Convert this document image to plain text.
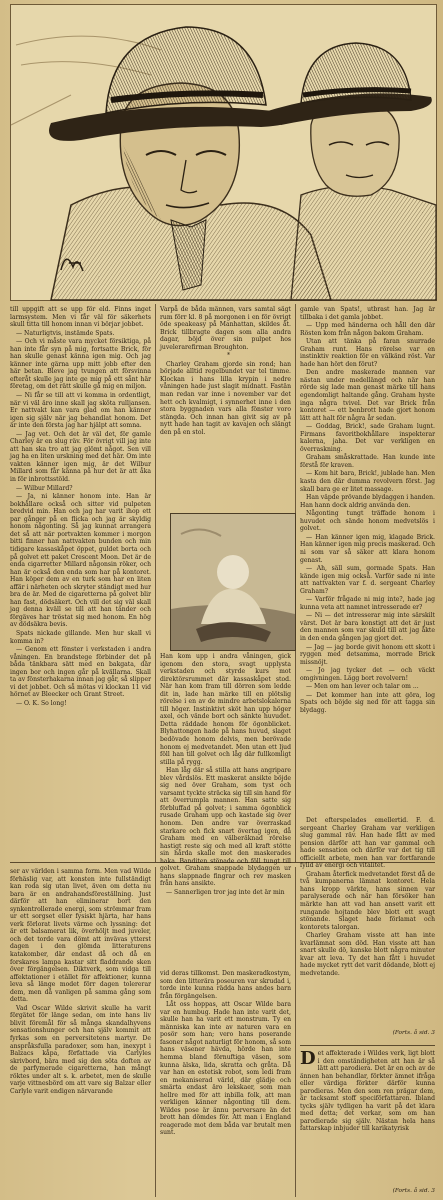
till uppgift att se upp för eld. Finns inget larmsystem. Men vi får väl för säkerhets skull titta till honom innan vi börjar jobbet.

— Naturligtvis, instämde Spats.

— Och vi måste vara mycket försiktiga, på han inte får syn på mig, fortsatte Brick, för han skulle genast känna igen mig. Och jag känner inte gärna upp mitt jobb efter den här betan. Bleve jag tvungen att försvinna efteråt skulle jag inte ge mig på ett sånt här företag, om det rätt skulle gå mig en miljon.

— Ni får se till att vi komma in ordentligt, när vi väl äro inne skall jag sköta rulljansen. Er nattvakt kan vara glad om han känner igen sig själv när jag behandlat honom. Det är inte den första jag har hjälpt att somna.

— Jag vet. Och det är väl det, för gamle Charley är en slug räv. För övrigt vill jag inte att han ska tro att jag glömt något. Sen vill jag ha en liten urskning med det här. Om inte vakten känner igen mig, är det Wilbur Millard som får känna på hur det är att åka in för inbrottsstöld.

— Wilbur Millard?

— Ja, ni känner honom inte. Han är bokhållare också och sitter vid pulpeten bredvid min. Han och jag har varit ihop ett par gånger på en flicka och jag är skyldig honom någonting. Så jag kunnat arrangera det så att när portvakten kommer i morgon bitti finner han nattvakten bunden och min tidigare kassaskåpet öppet, guldet borta och på golvet ett paket Crescent Moon. Det är de enda cigarretter Millard någonsin röker, och han är också den enda som har på kontoret. Han köper dem av en turk som har en liten affär i närheten och skryter ständigt med hur bra de är. Med de cigaretterna på golvet blir han fast, dödsäkert. Och vill det sig väl skall jag denna kväll se till att han tänder och förgäves har tröstat sig med honom. En hög av dödsäkra bevis.

Spats nickade gillande. Men hur skall vi komma in?

— Genom ett fönster i verkstaden i andra våningen. En brandstege förbinder det på båda tänkbara sätt med en bakgata, där ingen bor och ingen går på kvällarna. Skall ta av fönsterhakarna innan jag går, så slipper vi det jobbet. Och så mötas vi klockan 11 vid hörnet av Bleecker och Grant Street.

— O. K. So long!

Varpå de båda männen, vars samtal sägt rum förr kl. 8 på morgonen i en för övrigt öde speakeasy på Manhattan, skildes åt. Brick tillbragte dagen som alla andra dagar, böjd över sin pulpet hos juvelerarefirman Broughton.

*

Charley Graham gjorde sin rond; han började alltid regelbundet var tel timme. Klockan i hans lilla krypin i nedre våningen hade just slagit midnatt. Fastän man redan var inne i november var det hett och kvalmigt, i synnerhet inne i den stora byggnaden vars alla fönster voro stängda. Och innan han givit sig av på nytt hade han tagit av kavajen och slängt den på en stol.

Han kom upp i andra våningen, gick igenom den stora, svagt upplysta verkstaden och styrde kurs mot direktörsrummet där kassaskåpet stod. När han kom fram till dörren som ledde dit in, lade han märke till en plötslig rörelse i en av de mindre arbetslokalerna till höger. Instinktivt sköt han upp höger axel, och vände bort och sänkte huvudet. Detta räddade honom för ögonblicket. Blyhattongen hade på hans huvud, slaget bedövade honom delvis, men berövade honom ej medvetandet. Men utan ett ljud föll han till golvet och låg där fullkomligt stilla på rygg.

Han låg där så stilla att hans angripare blev vårdslös. Ett maskerat ansikte böjde sig ned över Graham, som tyst och varsamt tyckte sträcka sig till sin hand för att överrumpla mannen. Han satte sig förbluffad på golvet; i samma ögonblick rusade Graham upp och kastade sig över honom. Den andre var överraskad starkare och fick snart övertag igen, då Graham med en välberäknad rörelse hastigt reste sig och med all kraft stötte sin hårda skalle mot den maskerades haka. Banditen stönade och föll tungt till golvet. Graham snappade blydaggen ur hans slappnade fingrar och rev masken från hans ansikte.

— Sannerligen tror jag inte det är min

gamle van Spats!, utbrast han. Jag är tillbaka i det gamla jobbet.

— Upp med händerna och håll den där Rösten kom från någon bakom Graham.

Utan att tänka på faran snurrade Graham runt. Hans rörelse var en instinktiv reaktion för en välkänd röst. Var hade han hört den förut?

Den andre maskerade mannen var nästan under medellängd och när han rörde sig lade man genast märke till hans egendomligt haltande gång. Graham hyste inga några tvivel. Det var Brick från kontoret — ett benbrott hade gjort honom lätt att halt för några år sedan.

— Goddag, Brick!, sade Graham lugnt. Firmans favoritbokhållare inspekterar kalerna, jaha. Det var verkligen en överraskning.

Graham småskrattade. Han kunde inte förstå för kraven.

— Kom hit bara, Brick!, jublade han. Men kasta den där dumma revolvern först. Jag skall bara ge er litet massage.

Han väpde prövande blydaggen i handen. Han hann dock aldrig använda den.

Någonting tungt träffade honom i huvudet och sände honom medvetslös i golvet.

— Han känner igen mig, klagade Brick. Han känner igen mig precis maskerad. Och ni som var så säker att klara honom genast.

— Ah, säll sum, gormade Spats. Han kände igen mig också. Varför sade ni inte att nattvakten var f. d. sergeant Charley Graham?

— Varför frågade ni mig inte?, hade jag kunna veta att namnet intresserade er?

— Ni — det intresserar mig inte särskilt värst. Det är bara konstigt att det är just den mannen som var skuld till att jag åkte in den enda gången jag gjort det.

— Jag — jag borde givit honom ett skott i ryggen med detsamma, morrade Brick missnöjt.

— Jo jag tycker det — och väckt omgivningen. Lägg bort revolvern!

— Men om han lever och talar om ...

— Det kommer han inte att göra, log Spats och böjde sig ned för att tagga sin blydagg.

Det efterspelades emellertid. F. d. sergeant Charley Graham var verkligen slug gammal räv. Han hade fått av med pension därför att han var gammal och hade sensation och därför var det tig till officiellt arbete, men han var fortfarande fylld av energi och vitalitet.

Graham återfick medvetandet först då de två kumpanerna lämnat kontoret. Hela hans kropp värkte, hans sinnen var paralyserade och när han försöker han märkte han att vad han ansett varit ett rungande hojtande blev blott ett svagt stönande. Slaget hade förlamat och kontorets talorgan.

Charley Graham visste att han inte kvarlämnat som död. Han visste att han snart skulle dö, kanske blott några minuter kvar att leva. Ty det han fått i huvudet hade mycket rytt det varit dödande, blott ej medvetande.

(Forts. å sid. 3

ser av världen i samma form. Men vad Wilde förhäslig var, att konsten inte fullständigt kan roda sig utan livet, även om detta nu bara är en andrahandsföreställning. Just därför att han eliminerar bort den synkentrollerade energi, som strömmar fram ur ett sorgset eller fysiskt hjärta, har hans verk förlorat livets värme och lyssning: det är ett balsamerat lik, överhöljt med juveler, och det torde vara dömt att invävas ytterst dagen i den glömda litteraturens katakomber, där endast då och då en forskares lampa kastar sitt fladdrande sken över förgängelsen. Diktverk, som vidga till affektationer i etället för affektioner, kunna leva så länge modet förr dagen tolererar dem, men då vanligen på samma gång som detta.

Vad Oscar Wilde skrivit skulle ha varit förgätet för länge sedan, om inte hans liv blivit föremål för så många skandalhyvens sensationshunger och han själv kommit att fyrkas som en perversitetens martyr. De anspråksfulla paradoxer, som han, inexypt i Balzacs kåpa, författade via Carlyles skrivbord, bära med sig den söta doften av de parfymerade cigaretterna, han mångt röktes under alt s. k. arbetet, men de skulle varje vittnesbörd om att vare sig Balzar eller Carlyle varit endigen närvarande

vid deras tillkomst. Den maskeradkostym, som den litterära poseuren var skrudad i, torde inte kunna rädda hans andes barn från förgängelsen.

Låt oss hoppas, att Oscar Wilde bara var en humbug. Hade han inte varit det, skulle han ha varit ett monstrum. Ty en människa kan inte av naturen vara en posör som han; vero hans poserande fasoner något naturligt för honom, så som hans väsener hävda, hörde han inte hemma bland förnuftiga väsen, som kunna älska, lida, skratta och gråta. Då var han en estetisk robot, som ledi fram en mekaniserad värld, där glädje och smärta endast äro lekskaer, som man hellre med för att inbilla folk, att man verkligen känner någonting till dem. Wildes pose är ännu perversare än det brott han dömdes för. Att man i England reagerade mot dem båda var brutalt men sunt.

D et affekterade i Wildes verk, ligt blott i den omständigheten att han är så lätt att parodiera. Det är en och av de ännen han behandlar, förkter ämnet ifråga eller värdiga förkter därför kunna parodieras. Men den som ren prägar dem, är tacksamt stoff speciförfattaren. Ibland tycks själv tydligen ha varit på det klara med detta; det verkar, som om han parodierade sig själv. Nästan hela hans fattarskap inbjuder till karikatyrisk

(Forts. å sid. 3
